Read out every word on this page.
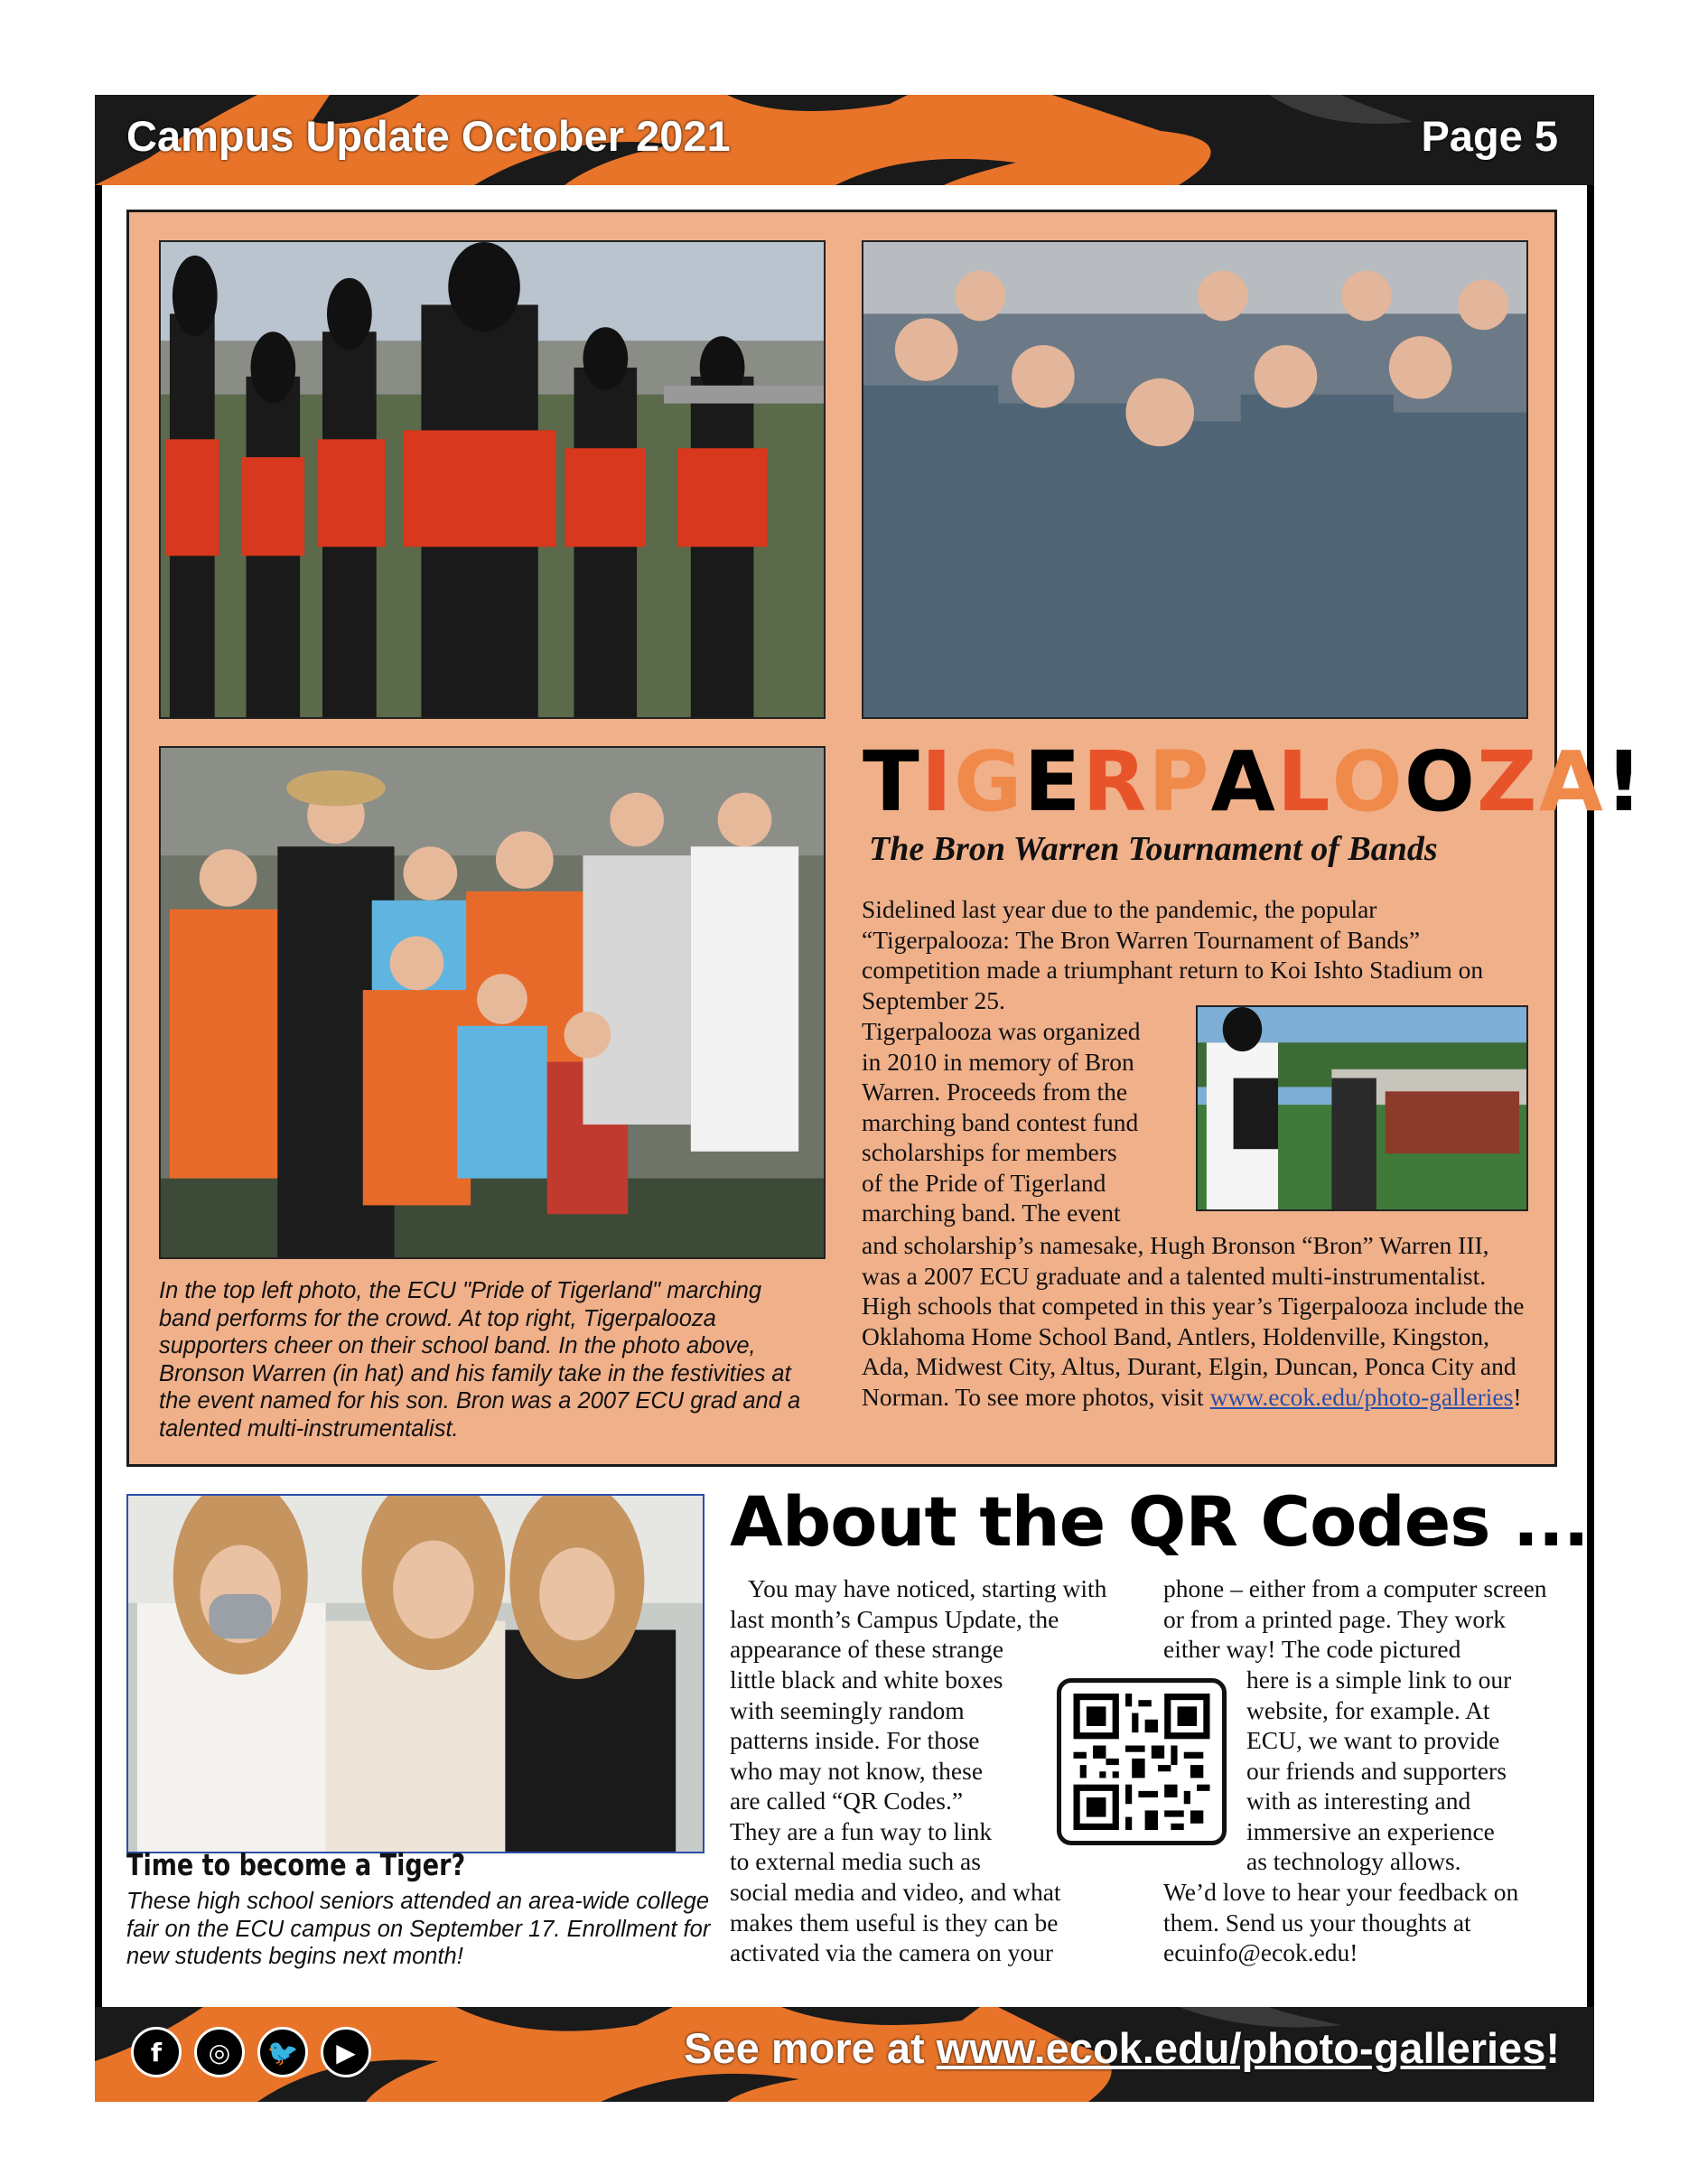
Campus Update October 2021	Page 5
In the top left photo, the ECU "Pride of Tigerland" marching band performs for the crowd. At top right, Tigerpalooza supporters cheer on their school band. In the photo above, Bronson Warren (in hat) and his family take in the festivities at the event named for his son. Bron was a 2007 ECU grad and a talented multi-instrumentalist.
TIGERPALOOZA!
The Bron Warren Tournament of Bands
Sidelined last year due to the pandemic, the popular “Tigerpalooza: The Bron Warren Tournament of Bands” competition made a triumphant return to Koi Ishto Stadium on September 25.
Tigerpalooza was organized
in 2010 in memory of Bron
Warren. Proceeds from the
marching band contest fund
scholarships for members
of the Pride of Tigerland
marching band. The event
and scholarship’s namesake, Hugh Bronson “Bron” Warren III, was a 2007 ECU graduate and a talented multi-instrumentalist. High schools that competed in this year’s Tigerpalooza include the Oklahoma Home School Band, Antlers, Holdenville, Kingston, Ada, Midwest City, Altus, Durant, Elgin, Duncan, Ponca City and Norman. To see more photos, visit www.ecok.edu/photo-galleries!
Time to become a Tiger?
These high school seniors attended an area-wide college fair on the ECU campus on September 17. Enrollment for new students begins next month!
About the QR Codes ...
You may have noticed, starting with last month’s Campus Update, the appearance of these strange
little black and white boxes
with seemingly random
patterns inside. For those
who may not know, these
are called “QR Codes.”
They are a fun way to link
to external media such as
social media and video, and what makes them useful is they can be activated via the camera on your
phone – either from a computer screen or from a printed page. They work either way! The code pictured
here is a simple link to our
website, for example. At
ECU, we want to provide
our friends and supporters
with as interesting and
immersive an experience
as technology allows.
We’d love to hear your feedback on them. Send us your thoughts at ecuinfo@ecok.edu!
f	◎	🐦	▶	See more at www.ecok.edu/photo-galleries!
